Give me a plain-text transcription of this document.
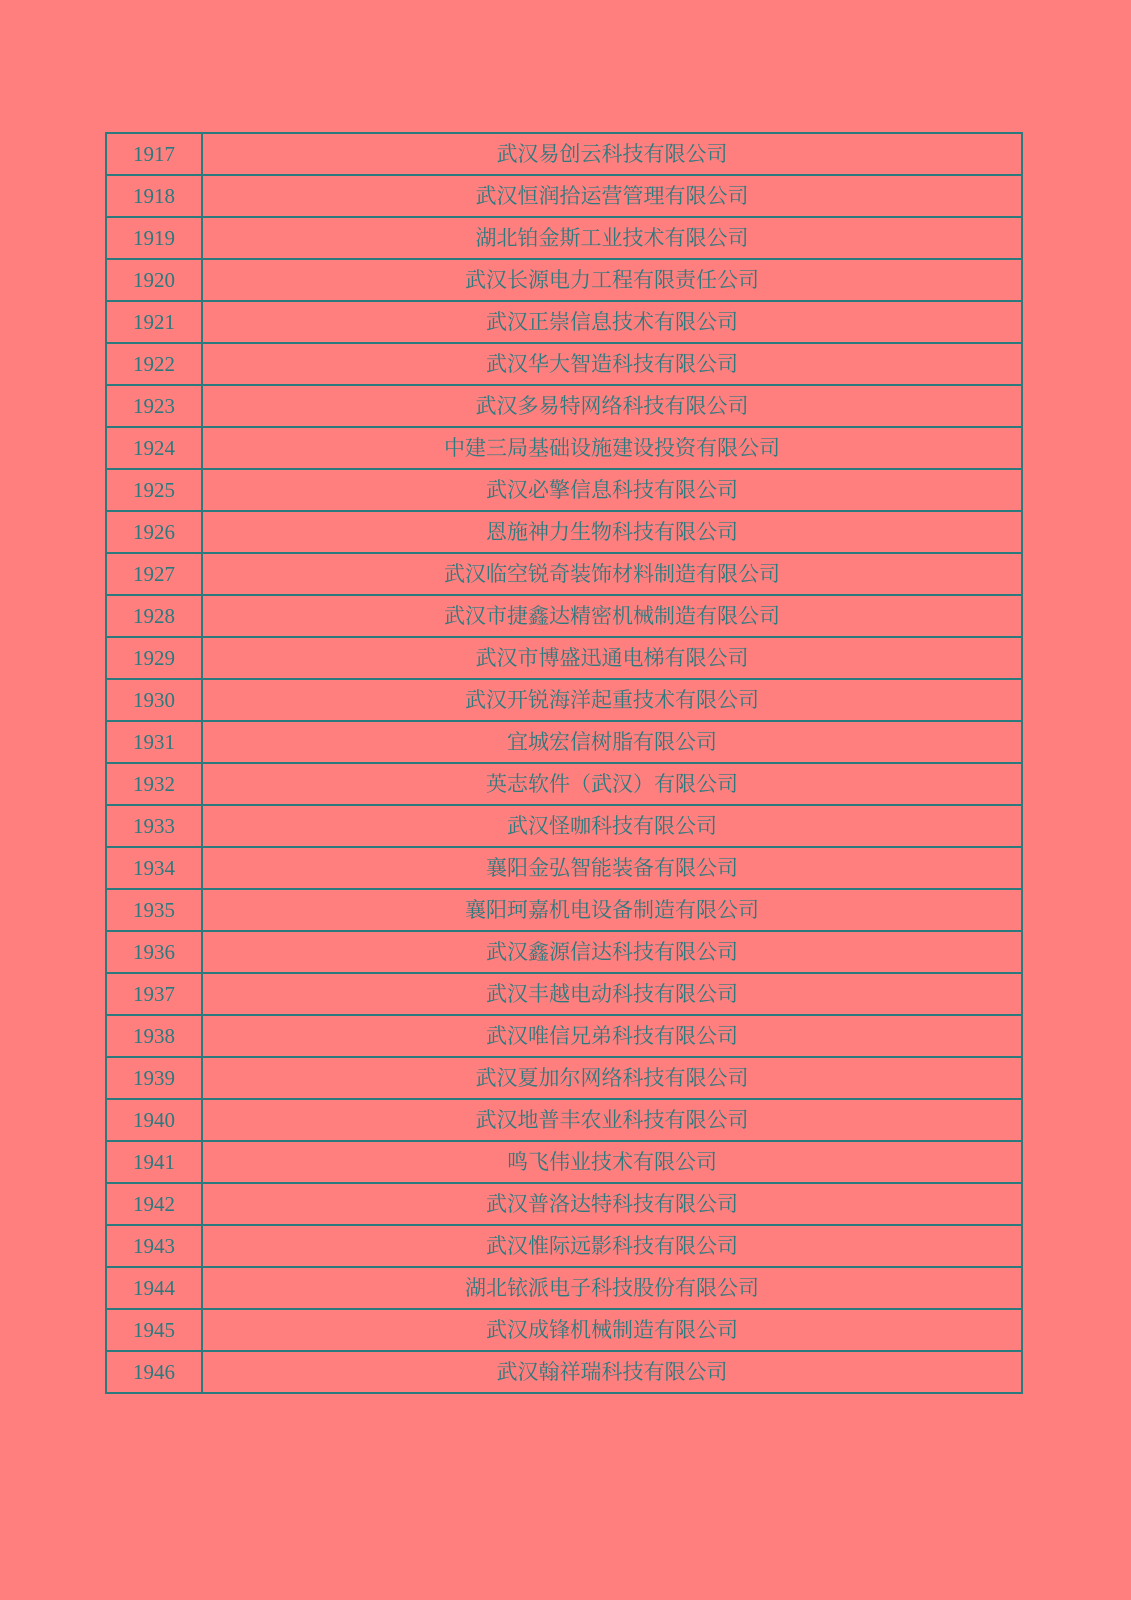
1917	武汉易创云科技有限公司
1918	武汉恒润拾运营管理有限公司
1919	湖北铂金斯工业技术有限公司
1920	武汉长源电力工程有限责任公司
1921	武汉正崇信息技术有限公司
1922	武汉华大智造科技有限公司
1923	武汉多易特网络科技有限公司
1924	中建三局基础设施建设投资有限公司
1925	武汉必擎信息科技有限公司
1926	恩施神力生物科技有限公司
1927	武汉临空锐奇装饰材料制造有限公司
1928	武汉市捷鑫达精密机械制造有限公司
1929	武汉市博盛迅通电梯有限公司
1930	武汉开锐海洋起重技术有限公司
1931	宜城宏信树脂有限公司
1932	英志软件（武汉）有限公司
1933	武汉怪咖科技有限公司
1934	襄阳金弘智能装备有限公司
1935	襄阳珂嘉机电设备制造有限公司
1936	武汉鑫源信达科技有限公司
1937	武汉丰越电动科技有限公司
1938	武汉唯信兄弟科技有限公司
1939	武汉夏加尔网络科技有限公司
1940	武汉地普丰农业科技有限公司
1941	鸣飞伟业技术有限公司
1942	武汉普洛达特科技有限公司
1943	武汉惟际远影科技有限公司
1944	湖北铱派电子科技股份有限公司
1945	武汉成锋机械制造有限公司
1946	武汉翰祥瑞科技有限公司
